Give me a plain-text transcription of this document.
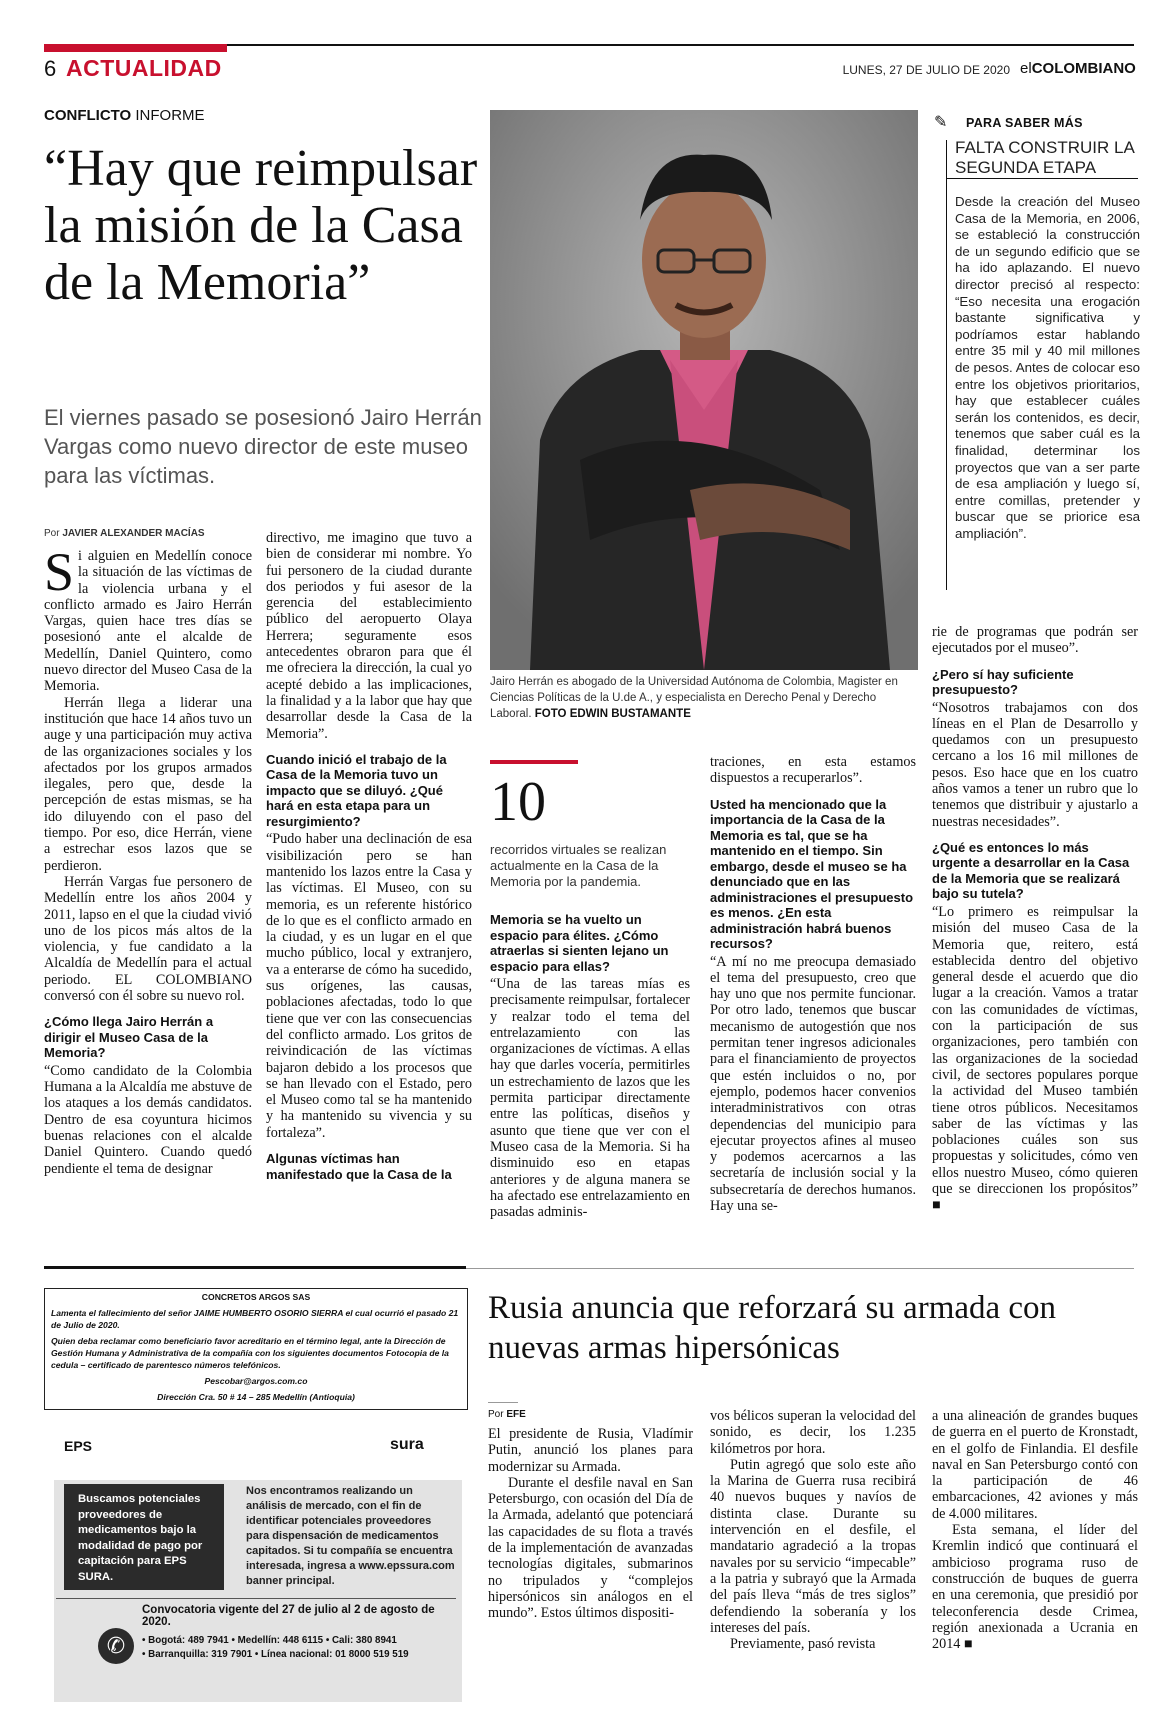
6 ACTUALIDAD	LUNES, 27 DE JULIO DE 2020 elCOLOMBIANO
CONFLICTO INFORME
“Hay que reimpulsar la misión de la Casa de la Memoria”
El viernes pasado se posesionó Jairo Herrán Vargas como nuevo director de este museo para las víctimas.
Por JAVIER ALEXANDER MACÍAS

Si alguien en Medellín conoce la situación de las víctimas de la violencia urbana y el conflicto armado es Jairo Herrán Vargas, quien hace tres días se posesionó ante el alcalde de Medellín, Daniel Quintero, como nuevo director del Museo Casa de la Memoria.

Herrán llega a liderar una institución que hace 14 años tuvo un auge y una participación muy activa de las organizaciones sociales y los afectados por los grupos armados ilegales, pero que, desde la percepción de estas mismas, se ha ido diluyendo con el paso del tiempo. Por eso, dice Herrán, viene a estrechar esos lazos que se perdieron.

Herrán Vargas fue personero de Medellín entre los años 2004 y 2011, lapso en el que la ciudad vivió uno de los picos más altos de la violencia, y fue candidato a la Alcaldía de Medellín para el actual periodo. EL COLOMBIANO conversó con él sobre su nuevo rol.

¿Cómo llega Jairo Herrán a dirigir el Museo Casa de la Memoria?

“Como candidato de la Colombia Humana a la Alcaldía me abstuve de los ataques a los demás candidatos. Dentro de esa coyuntura hicimos buenas relaciones con el alcalde Daniel Quintero. Cuando quedó pendiente el tema de designar

directivo, me imagino que tuvo a bien de considerar mi nombre. Yo fui personero de la ciudad durante dos periodos y fui asesor de la gerencia del establecimiento público del aeropuerto Olaya Herrera; seguramente esos antecedentes obraron para que él me ofreciera la dirección, la cual yo acepté debido a las implicaciones, la finalidad y a la labor que hay que desarrollar desde la Casa de la Memoria”.

Cuando inició el trabajo de la Casa de la Memoria tuvo un impacto que se diluyó. ¿Qué hará en esta etapa para un resurgimiento?

“Pudo haber una declinación de esa visibilización pero se han mantenido los lazos entre la Casa y las víctimas. El Museo, con su memoria, es un referente histórico de lo que es el conflicto armado en la ciudad, y es un lugar en el que mucho público, local y extranjero, va a enterarse de cómo ha sucedido, sus orígenes, las causas, poblaciones afectadas, todo lo que tiene que ver con las consecuencias del conflicto armado. Los gritos de reivindicación de las víctimas bajaron debido a los procesos que se han llevado con el Estado, pero el Museo como tal se ha mantenido y ha mantenido su vivencia y su fortaleza”.

Algunas víctimas han manifestado que la Casa de la
Jairo Herrán es abogado de la Universidad Autónoma de Colombia, Magister en Ciencias Políticas de la U.de A., y especialista en Derecho Penal y Derecho Laboral. FOTO EDWIN BUSTAMANTE
10
recorridos virtuales se realizan actualmente en la Casa de la Memoria por la pandemia.
Memoria se ha vuelto un espacio para élites. ¿Cómo atraerlas si sienten lejano un espacio para ellas?

“Una de las tareas mías es precisamente reimpulsar, fortalecer y realzar todo el tema del entrelazamiento con las organizaciones de víctimas. A ellas hay que darles vocería, permitirles un estrechamiento de lazos que les permita participar directamente entre las políticas, diseños y asunto que tiene que ver con el Museo casa de la Memoria. Si ha disminuido eso en etapas anteriores y de alguna manera se ha afectado ese entrelazamiento en pasadas adminis-

traciones, en esta estamos dispuestos a recuperarlos”.

Usted ha mencionado que la importancia de la Casa de la Memoria es tal, que se ha mantenido en el tiempo. Sin embargo, desde el museo se ha denunciado que en las administraciones el presupuesto es menos. ¿En esta administración habrá buenos recursos?

“A mí no me preocupa demasiado el tema del presupuesto, creo que hay uno que nos permite funcionar. Por otro lado, tenemos que buscar mecanismo de autogestión que nos permitan tener ingresos adicionales para el financiamiento de proyectos que estén incluidos o no, por ejemplo, podemos hacer convenios interadministrativos con otras dependencias del municipio para ejecutar proyectos afines al museo y podemos acercarnos a las secretaría de inclusión social y la subsecretaría de derechos humanos. Hay una se-

✎ PARA SABER MÁS
FALTA CONSTRUIR LA SEGUNDA ETAPA
Desde la creación del Museo Casa de la Memoria, en 2006, se estableció la construcción de un segundo edificio que se ha ido aplazando. El nuevo director precisó al respecto: “Eso necesita una erogación bastante significativa y podríamos estar hablando entre 35 mil y 40 mil millones de pesos. Antes de colocar eso entre los objetivos prioritarios, hay que establecer cuáles serán los contenidos, es decir, tenemos que saber cuál es la finalidad, determinar los proyectos que van a ser parte de esa ampliación y luego sí, entre comillas, pretender y buscar que se priorice esa ampliación”.

rie de programas que podrán ser ejecutados por el museo”.

¿Pero sí hay suficiente presupuesto?

“Nosotros trabajamos con dos líneas en el Plan de Desarrollo y quedamos con un presupuesto cercano a los 16 mil millones de pesos. Eso hace que en los cuatro años vamos a tener un rubro que lo tenemos que distribuir y ajustarlo a nuestras necesidades”.

¿Qué es entonces lo más urgente a desarrollar en la Casa de la Memoria que se realizará bajo su tutela?

“Lo primero es reimpulsar la misión del museo Casa de la Memoria que, reitero, está establecida dentro del objetivo general desde el acuerdo que dio lugar a la creación. Vamos a tratar con las comunidades de víctimas, con la participación de sus organizaciones, pero también con las organizaciones de la sociedad civil, de sectores populares porque la actividad del Museo también tiene otros públicos. Necesitamos saber de las víctimas y las poblaciones cuáles son sus propuestas y solicitudes, cómo ven ellos nuestro Museo, cómo quieren que se direccionen los propósitos” ■

CONCRETOS ARGOS SAS
Lamenta el fallecimiento del señor JAIME HUMBERTO OSORIO SIERRA el cual ocurrió el pasado 21 de Julio de 2020.
Quien deba reclamar como beneficiario favor acreditario en el término legal, ante la Dirección de Gestión Humana y Administrativa de la compañía con los siguientes documentos Fotocopia de la cedula – certificado de parentesco números telefónicos.
Pescobar@argos.com.co
Dirección Cra. 50 # 14 – 285 Medellín (Antioquia)
EPS	sura
Buscamos potenciales proveedores de medicamentos bajo la modalidad de pago por capitación para EPS SURA.
Nos encontramos realizando un análisis de mercado, con el fin de identificar potenciales proveedores para dispensación de medicamentos capitados. Si tu compañía se encuentra interesada, ingresa a www.epssura.com banner principal.
Convocatoria vigente del 27 de julio al 2 de agosto de 2020.
✆	• Bogotá: 489 7941 • Medellín: 448 6115 • Cali: 380 8941
• Barranquilla: 319 7901 • Línea nacional: 01 8000 519 519
Rusia anuncia que reforzará su armada con nuevas armas hipersónicas
Por EFE

El presidente de Rusia, Vladímir Putin, anunció los planes para modernizar su Armada.

Durante el desfile naval en San Petersburgo, con ocasión del Día de la Armada, adelantó que potenciará las capacidades de su flota a través de la implementación de avanzadas tecnologías digitales, submarinos no tripulados y “complejos hipersónicos sin análogos en el mundo”. Estos últimos dispositi-

vos bélicos superan la velocidad del sonido, es decir, los 1.235 kilómetros por hora.

Putin agregó que solo este año la Marina de Guerra rusa recibirá 40 nuevos buques y navíos de distinta clase. Durante su intervención en el desfile, el mandatario agradeció a la tropas navales por su servicio “impecable” a la patria y subrayó que la Armada del país lleva “más de tres siglos” defendiendo la soberanía y los intereses del país.

Previamente, pasó revista

a una alineación de grandes buques de guerra en el puerto de Kronstadt, en el golfo de Finlandia. El desfile naval en San Petersburgo contó con la participación de 46 embarcaciones, 42 aviones y más de 4.000 militares.

Esta semana, el líder del Kremlin indicó que continuará el ambicioso programa ruso de construcción de buques de guerra en una ceremonia, que presidió por teleconferencia desde Crimea, región anexionada a Ucrania en 2014 ■
